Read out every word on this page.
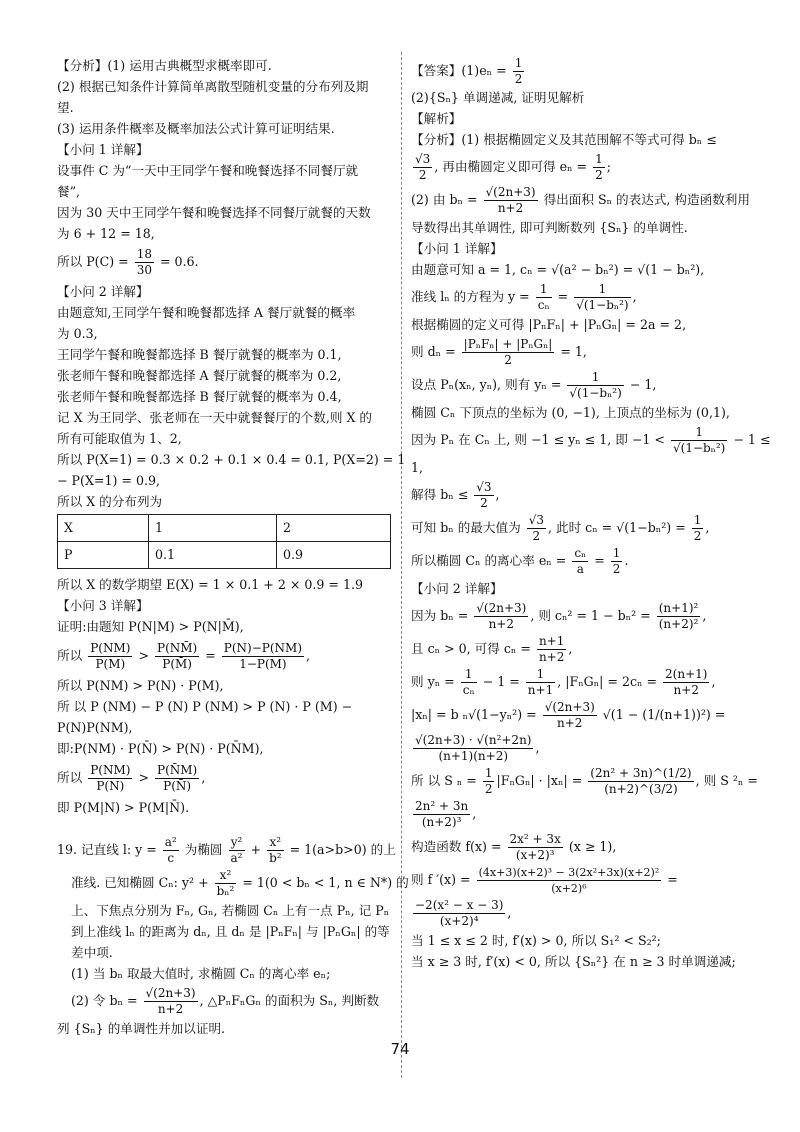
【 分析 】 (1) 运用古典概型求概率即可.
(2) 根据已知条件计算简单离散型随机变量的分布列及期
望.
(3) 运用条件概率及概率加法公式计算可证明结果.
【 小问 1 详解 】
设事件 C 为“一天中王同学午餐和晚餐选择不同餐厅就
餐”,
因为 30 天中王同学午餐和晚餐选择不同餐厅就餐的天数
为 6 + 12 = 18,
所以 $P(C) = \frac{18}{30} = 0.6$.
【 小问 2 详解 】
由题意知,王同学午餐和晚餐都选择 A 餐厅就餐的概率
为 0.3,
王同学午餐和晚餐都选择 B 餐厅就餐的概率为 0.1,
张老师午餐和晚餐都选择 A 餐厅就餐的概率为 0.2,
张老师午餐和晚餐都选择 B 餐厅就餐的概率为 0.4,
记 X 为王同学、张老师在一天中就餐餐厅的个数,则 X 的
所有可能取值为 1、2,
所以 P(X=1) = 0.3 × 0.2 + 0.1 × 0.4 = 0.1, P(X=2) = 1
− P(X=1) = 0.9,
所以 X 的分布列为
X	1	2
P	0.1	0.9
所以 X 的数学期望 E(X) = 1 × 0.1 + 2 × 0.9 = 1.9
【 小问 3 详解 】
证明:由题知 P(N|M) > P(N|M̄),
所以 $\frac{P(NM)}{P(M)} > \frac{P(NM̄)}{P(M̄)} = \frac{P(N)-P(NM)}{1-P(M)}$ ,
所以 P(NM) > P(N) · P(M),
所 以 P (NM) − P (N) P (NM) > P (N) · P (M) −
P(N)P(NM),
即:P(NM) · P(N̄) > P(N) · P(N̄M),
所以 $\frac{P(NM)}{P(N)} > \frac{P(N̄M)}{P(N̄)}$ ,
即 P(M|N) > P(M|N̄).
19. 记直线 l: $y = \frac{\text{a²}}{c}$ 为椭圆 $\frac{\text{y²}}{\text{a²}} + \frac{\text{x²}}{\text{b²}} = 1(a>b>0)$ 的上
准线. 已知椭圆 Cₙ: $y^2 + \frac{\text{x²}}{\text{bₙ²}} = 1(0 < b_n < 1$, n ∈ N*) 的
上、下焦点分别为 Fₙ, Gₙ, 若椭圆 Cₙ 上有一点 Pₙ, 记 Pₙ
到上准线 lₙ 的距离为 dₙ, 且 dₙ 是 |PₙFₙ| 与 |PₙGₙ| 的等
差中项.
(1) 当 bₙ 取最大值时, 求椭圆 Cₙ 的离心率 eₙ;
(2) 令 $b_n = \frac{√(2n+3)}{n+2}$ , △PₙFₙGₙ 的面积为 Sₙ, 判断数
列 {Sₙ} 的单调性并加以证明.
【 答案 】 $(1)e_n = \frac{1}{2}$
(2){Sₙ} 单调递减, 证明见解析
【 解析 】
【 分析 】 (1) 根据椭圆定义及其范围解不等式可得 bₙ ≤
$\frac{√3}{2}$ , 再由椭圆定义即可得 $e_n = \frac{1}{2}$ ;
(2) 由 $b_n = \frac{√(2n+3)}{n+2}$ 得出面积 Sₙ 的表达式, 构造函数利用
导数得出其单调性, 即可判断数列 {Sₙ} 的单调性.
【 小问 1 详解 】
由题意可知 a = 1, cₙ = √(a² − bₙ²) = √(1 − bₙ²),
准线 lₙ 的方程为 $y = \frac{1}{\text{cₙ}} = \frac{1}{\text{√(1−bₙ²)}}$ ,
根据椭圆的定义可得 |PₙFₙ| + |PₙGₙ| = 2a = 2,
则 $d_n = \frac{\text{|PₙFₙ| + |PₙGₙ|}}{2} = 1$,
设点 Pₙ(xₙ, yₙ), 则有 $y_n = \frac{1}{\text{√(1−bₙ²)}} - 1$,
椭圆 Cₙ 下顶点的坐标为 (0, −1), 上顶点的坐标为 (0,1),
因为 Pₙ 在 Cₙ 上, 则 −1 ≤ yₙ ≤ 1, 即 $-1 < \frac{1}{\text{√(1−bₙ²)}} - 1$ ≤
1,
解得 $b_n \le \frac{√3}{2}$ ,
可知 bₙ 的最大值为 $\frac{√3}{2}$ , 此时 $c_n = √(1-b_n^2) = \frac{1}{2}$ ,
所以椭圆 Cₙ 的离心率 $e_n = \frac{\text{cₙ}}{a} = \frac{1}{2}$ .
【 小问 2 详解 】
因为 $b_n = \frac{√(2n+3)}{n+2}$ , 则 $c_n^2 = 1 - b_n^2 = \frac{\text{(n+1)²}}{\text{(n+2)²}}$ ,
且 cₙ > 0, 可得 $c_n = \frac{n+1}{n+2}$ ,
则 $y_n = \frac{1}{\text{cₙ}} - 1 = \frac{1}{n+1}$ , $|F_nG_n| = 2c_n = \frac{2(n+1)}{n+2}$ ,
|xₙ| = b $_n√(1-y_n^2) = \frac{√(2n+3)}{n+2} √(1 - (1/(n+1))^2)$ =
$\frac{\text{√(2n+3) · √(n²+2n)}}{(n+1)(n+2)}$ ,
所 以 S $_n = \frac{1}{2} |F_nG_n| \cdot |x_n| = \frac{\text{(2n² + 3n)\textasciicircum{}(1/2)}}{(n+2)\^{}(3/2)}$ , 则 S ²ₙ =
$\frac{\text{2n² + 3n}}{\text{(n+2)³}}$ ,
构造函数 $f(x) = \frac{\text{2x² + 3x}}{\text{(x+2)³}} (x \ge 1)$,
则 f $'(x) = \frac{\text{(4x+3)(x+2)³ − 3(2x²+3x)(x+2)²}}{\text{(x+2)⁶}}$ =
$\frac{\text{−2(x² − x − 3)}}{\text{(x+2)⁴}}$ ,
当 1 ≤ x ≤ 2 时, f′(x) > 0, 所以 S₁² < S₂²;
当 x ≥ 3 时, f′(x) < 0, 所以 {Sₙ²} 在 n ≥ 3 时单调递减;
74
